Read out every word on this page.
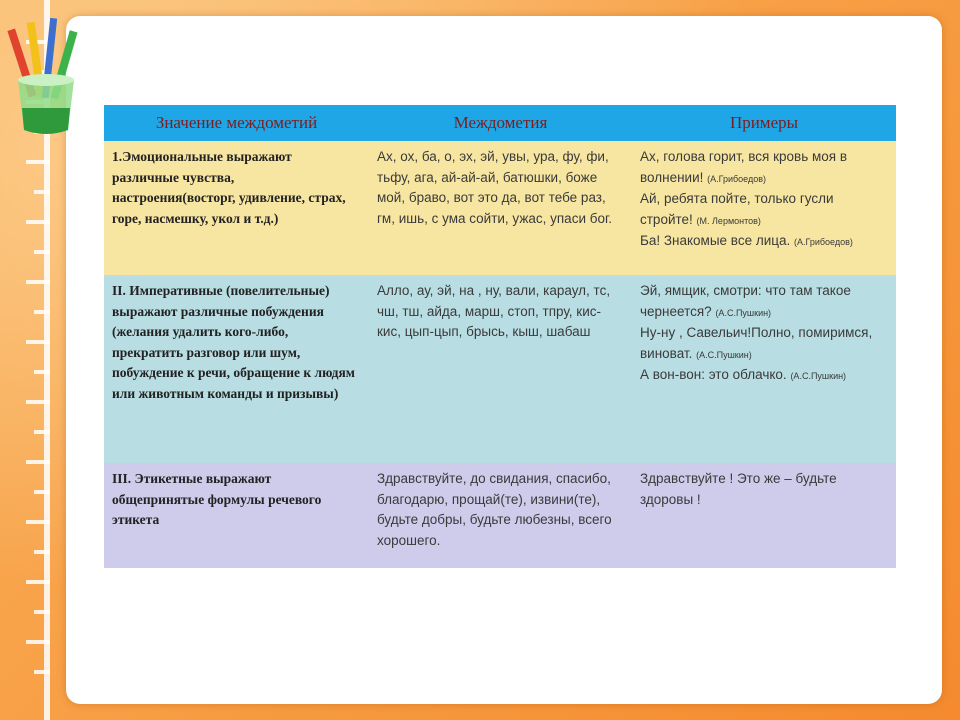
Значение междометий	Междометия	Примеры
1.Эмоциональные выражают различные чувства, настроения(восторг, удивление, страх, горе, насмешку, укол и т.д.)	Ах, ох, ба, о, эх, эй, увы, ура, фу, фи, тьфу, ага, ай-ай-ай, батюшки, боже мой, браво, вот это да, вот тебе раз, гм, ишь, с ума сойти, ужас, упаси бог.	Ах, голова горит, вся кровь моя в волнении! (А.Грибоедов)
Ай, ребята пойте, только гусли стройте! (М. Лермонтов)
Ба! Знакомые все лица. (А.Грибоедов)

II. Императивные (повелительные) выражают различные побуждения (желания удалить кого-либо, прекратить разговор или шум, побуждение к речи, обращение к людям или животным команды и призывы)	Алло, ау, эй, на , ну, вали, караул, тс, чш, тш, айда, марш, стоп, тпру, кис-кис, цып-цып, брысь, кыш, шабаш	Эй, ямщик, смотри: что там такое чернеется? (А.С.Пушкин)
Ну-ну , Савельич!Полно, помиримся, виноват. (А.С.Пушкин)
А вон-вон: это облачко. (А.С.Пушкин)

III. Этикетные выражают общепринятые формулы речевого этикета	Здравствуйте, до свидания, спасибо, благодарю, прощай(те), извини(те), будьте добры, будьте любезны, всего хорошего.	Здравствуйте ! Это же – будьте здоровы !
